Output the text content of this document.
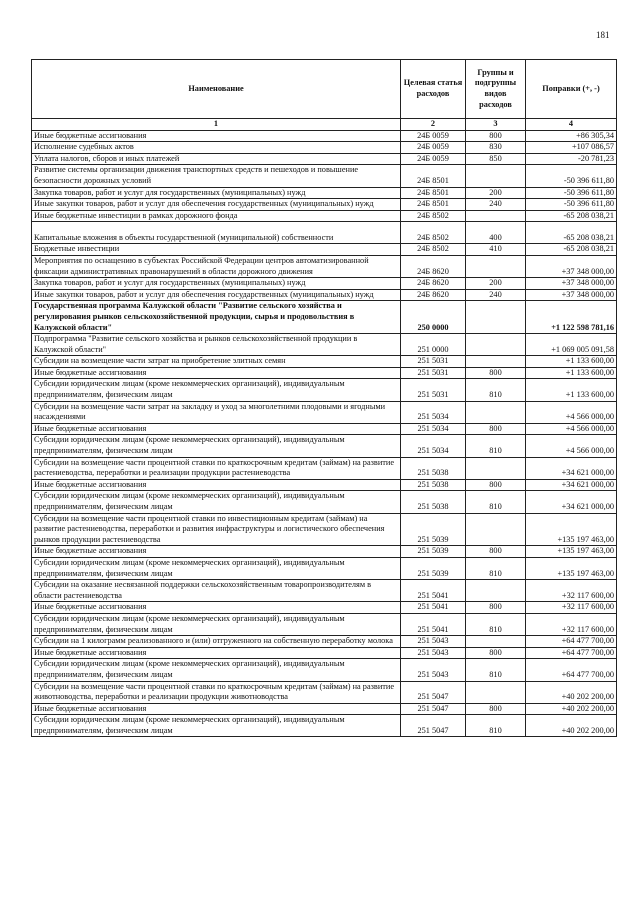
181
Наименование	Целевая статья расходов	Группы и подгруппы видов расходов	Поправки (+, -)
1	2	3	4
Иные бюджетные ассигнования	24Б 0059	800	+86 305,34
Исполнение судебных актов	24Б 0059	830	+107 086,57
Уплата налогов, сборов и иных платежей	24Б 0059	850	-20 781,23
Развитие системы организации движения транспортных средств и пешеходов и повышение безопасности дорожных условий	24Б 8501		-50 396 611,80
Закупка товаров, работ и услуг для государственных (муниципальных) нужд	24Б 8501	200	-50 396 611,80
Иные закупки товаров, работ и услуг для обеспечения государственных (муниципальных) нужд	24Б 8501	240	-50 396 611,80
Иные бюджетные инвестиции в рамках дорожного фонда	24Б 8502		-65 208 038,21
Капитальные вложения в объекты государственной (муниципальной) собственности	24Б 8502	400	-65 208 038,21
Бюджетные инвестиции	24Б 8502	410	-65 208 038,21
Мероприятия по оснащению в субъектах Российской Федерации центров автоматизированной фиксации административных правонарушений в области дорожного движения	24Б 8620		+37 348 000,00
Закупка товаров, работ и услуг для государственных (муниципальных) нужд	24Б 8620	200	+37 348 000,00
Иные закупки товаров, работ и услуг для обеспечения государственных (муниципальных) нужд	24Б 8620	240	+37 348 000,00
Государственная программа Калужской области "Развитие сельского хозяйства и регулирования рынков сельскохозяйственной продукции, сырья и продовольствия в Калужской области"	250 0000		+1 122 598 781,16
Подпрограмма "Развитие сельского хозяйства и рынков сельскохозяйственной продукции в Калужской области"	251 0000		+1 069 005 091,58
Субсидии на возмещение части затрат на приобретение элитных семян	251 5031		+1 133 600,00
Иные бюджетные ассигнования	251 5031	800	+1 133 600,00
Субсидии юридическим лицам (кроме некоммерческих организаций), индивидуальным предпринимателям, физическим лицам	251 5031	810	+1 133 600,00
Субсидии на возмещение части затрат на закладку и уход за многолетними плодовыми и ягодными насаждениями	251 5034		+4 566 000,00
Иные бюджетные ассигнования	251 5034	800	+4 566 000,00
Субсидии юридическим лицам (кроме некоммерческих организаций), индивидуальным предпринимателям, физическим лицам	251 5034	810	+4 566 000,00
Субсидии на возмещение части процентной ставки по краткосрочным кредитам (займам) на развитие растениеводства, переработки и реализации продукции растениеводства	251 5038		+34 621 000,00
Иные бюджетные ассигнования	251 5038	800	+34 621 000,00
Субсидии юридическим лицам (кроме некоммерческих организаций), индивидуальным предпринимателям, физическим лицам	251 5038	810	+34 621 000,00
Субсидии на возмещение части процентной ставки по инвестиционным кредитам (займам) на развитие растениеводства, переработки и развития инфраструктуры и логистического обеспечения рынков продукции растениеводства	251 5039		+135 197 463,00
Иные бюджетные ассигнования	251 5039	800	+135 197 463,00
Субсидии юридическим лицам (кроме некоммерческих организаций), индивидуальным предпринимателям, физическим лицам	251 5039	810	+135 197 463,00
Субсидии на оказание несвязанной поддержки сельскохозяйственным товаропроизводителям в области растениеводства	251 5041		+32 117 600,00
Иные бюджетные ассигнования	251 5041	800	+32 117 600,00
Субсидии юридическим лицам (кроме некоммерческих организаций), индивидуальным предпринимателям, физическим лицам	251 5041	810	+32 117 600,00
Субсидии на 1 килограмм реализованного и (или) отгруженного на собственную переработку молока	251 5043		+64 477 700,00
Иные бюджетные ассигнования	251 5043	800	+64 477 700,00
Субсидии юридическим лицам (кроме некоммерческих организаций), индивидуальным предпринимателям, физическим лицам	251 5043	810	+64 477 700,00
Субсидии на возмещение части процентной ставки по краткосрочным кредитам (займам) на развитие животноводства, переработки и реализации продукции животноводства	251 5047		+40 202 200,00
Иные бюджетные ассигнования	251 5047	800	+40 202 200,00
Субсидии юридическим лицам (кроме некоммерческих организаций), индивидуальным предпринимателям, физическим лицам	251 5047	810	+40 202 200,00
